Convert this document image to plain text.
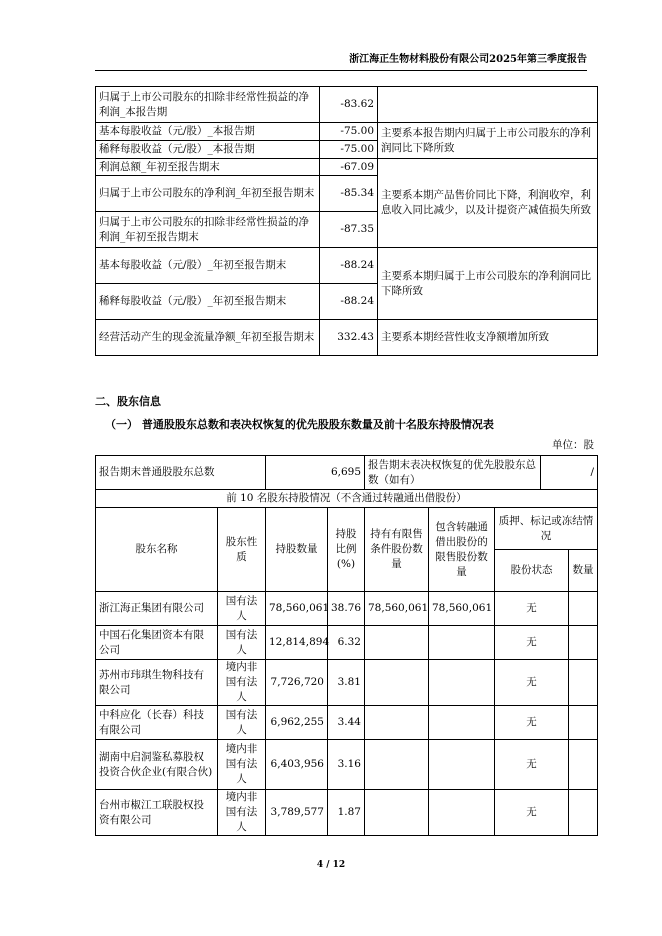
浙江海正生物材料股份有限公司2025年第三季度报告
归属于上市公司股东的扣除非经常性损益的净利润_本报告期	-83.62	
基本每股收益（元/股）_本报告期	-75.00	主要系本报告期内归属于上市公司股东的净利润同比下降所致
稀释每股收益（元/股）_本报告期	-75.00	
利润总额_年初至报告期末	-67.09	主要系本期产品售价同比下降，利润收窄，利息收入同比减少，以及计提资产减值损失所致
归属于上市公司股东的净利润_年初至报告期末	-85.34	
归属于上市公司股东的扣除非经常性损益的净利润_年初至报告期末	-87.35	
基本每股收益（元/股）_年初至报告期末	-88.24	主要系本期归属于上市公司股东的净利润同比下降所致
稀释每股收益（元/股）_年初至报告期末	-88.24	
经营活动产生的现金流量净额_年初至报告期末	332.43	主要系本期经营性收支净额增加所致
二、股东信息
（一） 普通股股东总数和表决权恢复的优先股股东数量及前十名股东持股情况表
单位：股
报告期末普通股股东总数		6,695		报告期末表决权恢复的优先股股东总数（如有）			/	
前 10 名股东持股情况（不含通过转融通出借股份）								
股东名称	股东性质	持股数量	持股比例(%)	持有有限售条件股份数量	包含转融通借出股份的限售股份数量	质押、标记或冻结情况		
						股份状态		数量
浙江海正集团有限公司	国有法人	78,560,061	38.76	78,560,061	78,560,061	无		
中国石化集团资本有限公司	国有法人	12,814,894	6.32			无		
苏州市玮琪生物科技有限公司	境内非国有法人	7,726,720	3.81			无		
中科应化（长春）科技有限公司	国有法人	6,962,255	3.44			无		
湖南中启洞鉴私募股权投资合伙企业(有限合伙)	境内非国有法人	6,403,956	3.16			无		
台州市椒江工联股权投资有限公司	境内非国有法人	3,789,577	1.87			无		
4 / 12
